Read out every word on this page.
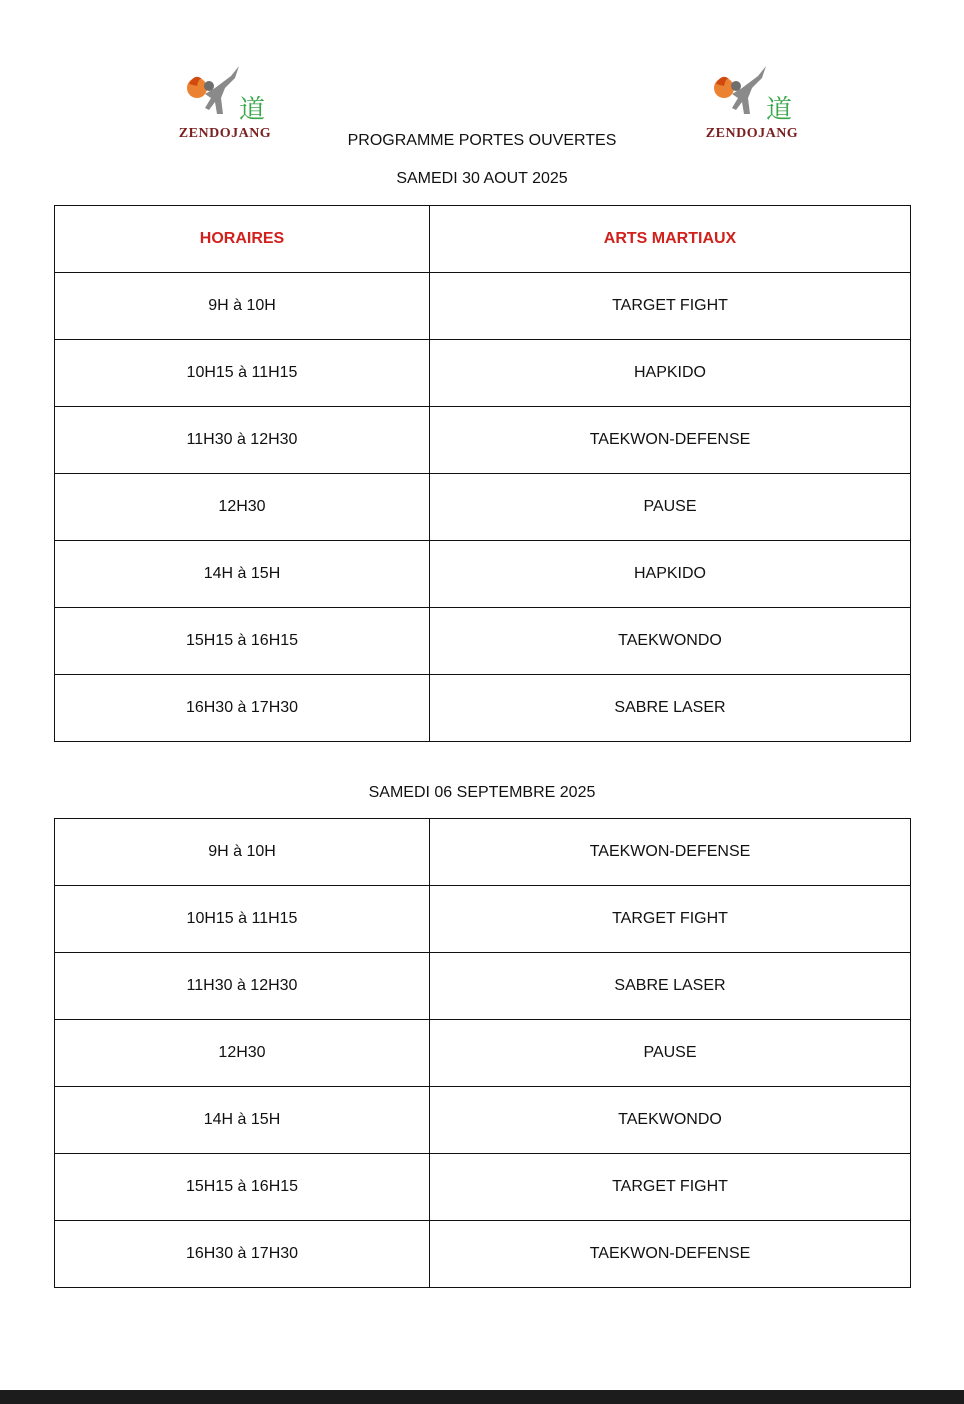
道
ZENDOJANG
道
ZENDOJANG
PROGRAMME PORTES OUVERTES
SAMEDI 30 AOUT 2025
HORAIRES	ARTS MARTIAUX
9H à 10H	TARGET FIGHT
10H15 à 11H15	HAPKIDO
11H30 à 12H30	TAEKWON-DEFENSE
12H30	PAUSE
14H à 15H	HAPKIDO
15H15 à 16H15	TAEKWONDO
16H30 à 17H30	SABRE LASER
SAMEDI 06 SEPTEMBRE 2025
9H à 10H	TAEKWON-DEFENSE
10H15 à 11H15	TARGET FIGHT
11H30 à 12H30	SABRE LASER
12H30	PAUSE
14H à 15H	TAEKWONDO
15H15 à 16H15	TARGET FIGHT
16H30 à 17H30	TAEKWON-DEFENSE
